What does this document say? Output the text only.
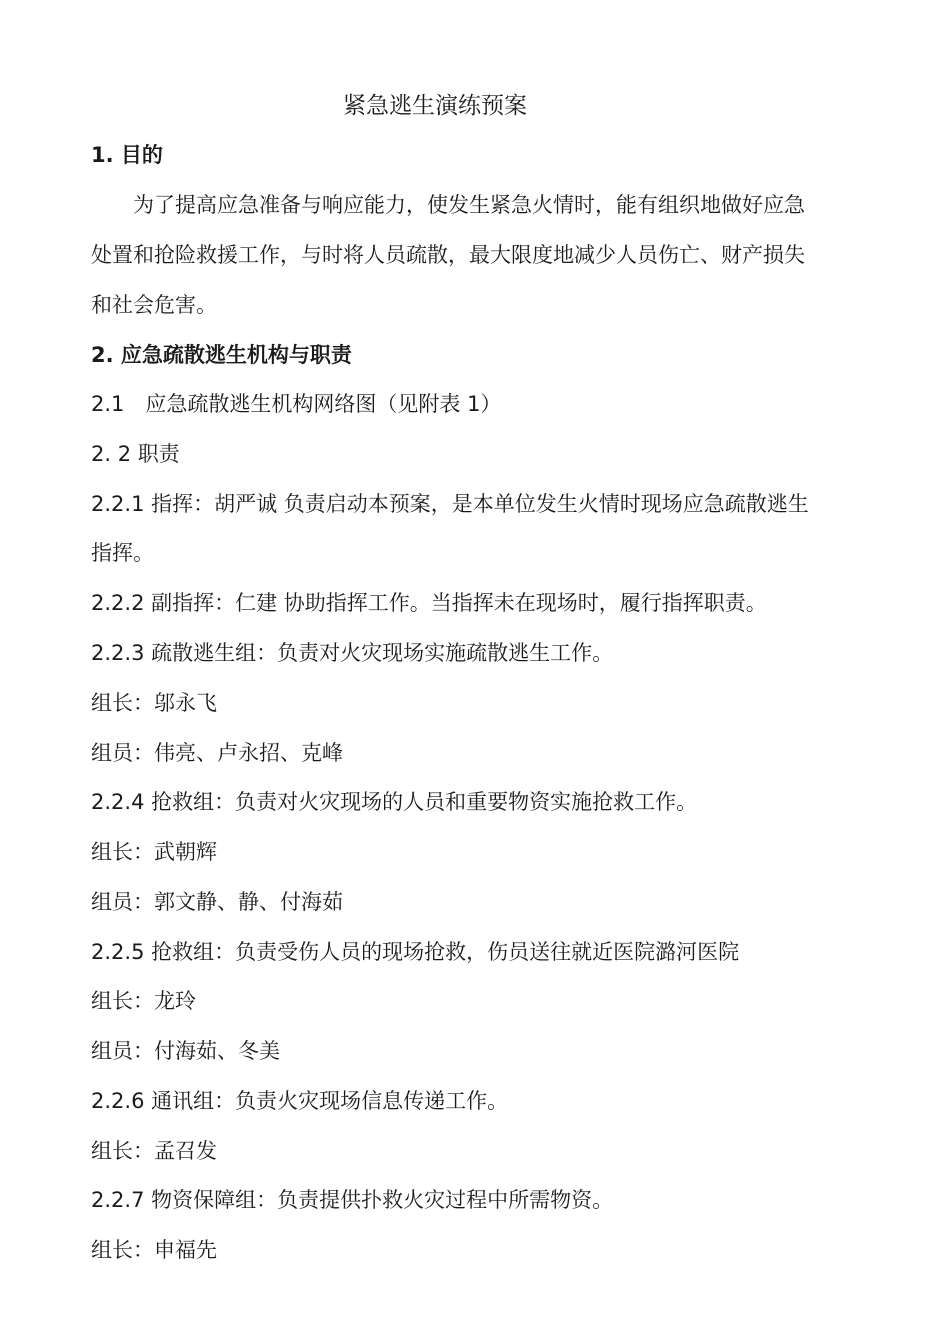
紧急逃生演练预案
1. 目的
为了提高应急准备与响应能力，使发生紧急火情时，能有组织地做好应急
处置和抢险救援工作，与时将人员疏散，最大限度地减少人员伤亡、财产损失
和社会危害。
2. 应急疏散逃生机构与职责
2.1　应急疏散逃生机构网络图（见附表 1）
2. 2 职责
2.2.1 指挥：胡严诚 负责启动本预案，是本单位发生火情时现场应急疏散逃生
指挥。
2.2.2 副指挥：仁建 协助指挥工作。当指挥未在现场时，履行指挥职责。
2.2.3 疏散逃生组：负责对火灾现场实施疏散逃生工作。
组长：邬永飞
组员：伟亮、卢永招、克峰
2.2.4 抢救组：负责对火灾现场的人员和重要物资实施抢救工作。
组长：武朝辉
组员：郭文静、静、付海茹
2.2.5 抢救组：负责受伤人员的现场抢救，伤员送往就近医院潞河医院
组长：龙玲
组员：付海茹、冬美
2.2.6 通讯组：负责火灾现场信息传递工作。
组长：孟召发
2.2.7 物资保障组：负责提供扑救火灾过程中所需物资。
组长：申福先
